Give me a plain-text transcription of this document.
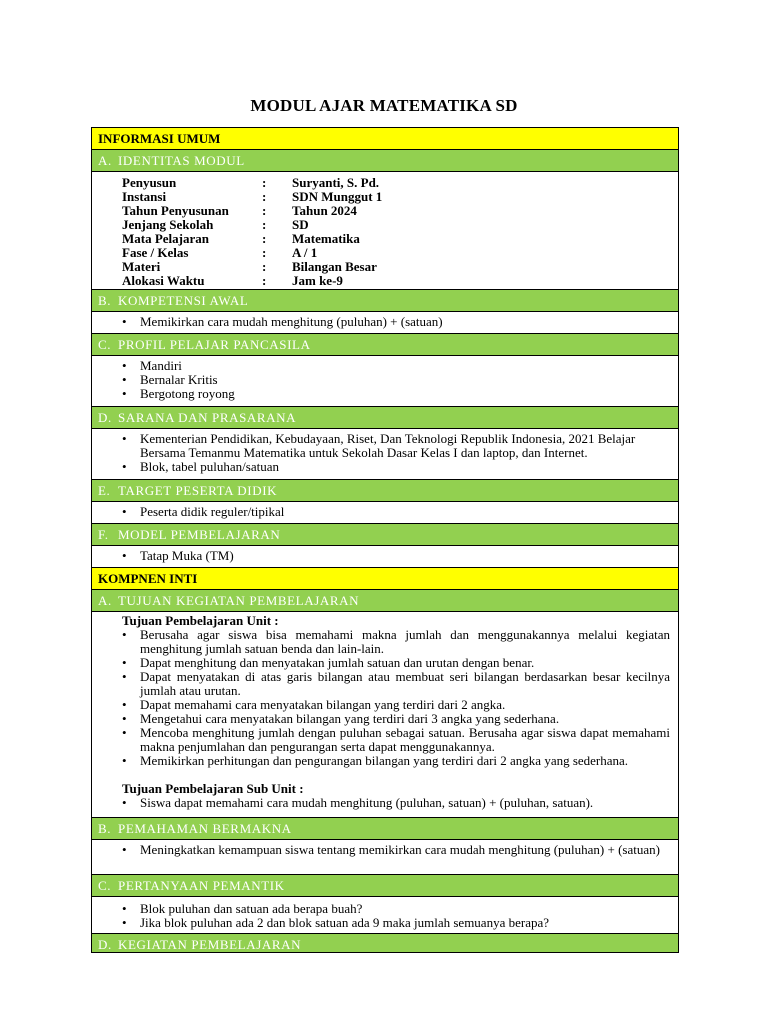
MODUL AJAR MATEMATIKA SD
INFORMASI UMUM
A. IDENTITAS MODUL
Penyusun	:	Suryanti, S. Pd.
Instansi	:	SDN Munggut 1
Tahun Penyusunan	:	Tahun 2024
Jenjang Sekolah	:	SD
Mata Pelajaran	:	Matematika
Fase / Kelas	:	A / 1
Materi	:	Bilangan Besar
Alokasi Waktu	:	Jam ke-9
B. KOMPETENSI AWAL
• Memikirkan cara mudah menghitung (puluhan) + (satuan)
C. PROFIL PELAJAR PANCASILA
• Mandiri
• Bernalar Kritis
• Bergotong royong
D. SARANA DAN PRASARANA
• Kementerian Pendidikan, Kebudayaan, Riset, Dan Teknologi Republik Indonesia, 2021 Belajar Bersama Temanmu Matematika untuk Sekolah Dasar Kelas I dan laptop, dan Internet.
• Blok, tabel puluhan/satuan
E. TARGET PESERTA DIDIK
• Peserta didik reguler/tipikal
F. MODEL PEMBELAJARAN
• Tatap Muka (TM)
KOMPNEN INTI
A. TUJUAN KEGIATAN PEMBELAJARAN
Tujuan Pembelajaran Unit :
• Berusaha agar siswa bisa memahami makna jumlah dan menggunakannya melalui kegiatan menghitung jumlah satuan benda dan lain-lain.
• Dapat menghitung dan menyatakan jumlah satuan dan urutan dengan benar.
• Dapat menyatakan di atas garis bilangan atau membuat seri bilangan berdasarkan besar kecilnya jumlah atau urutan.
• Dapat memahami cara menyatakan bilangan yang terdiri dari 2 angka.
• Mengetahui cara menyatakan bilangan yang terdiri dari 3 angka yang sederhana.
• Mencoba menghitung jumlah dengan puluhan sebagai satuan. Berusaha agar siswa dapat memahami makna penjumlahan dan pengurangan serta dapat menggunakannya.
• Memikirkan perhitungan dan pengurangan bilangan yang terdiri dari 2 angka yang sederhana.
Tujuan Pembelajaran Sub Unit :
• Siswa dapat memahami cara mudah menghitung (puluhan, satuan) + (puluhan, satuan).
B. PEMAHAMAN BERMAKNA
• Meningkatkan kemampuan siswa tentang memikirkan cara mudah menghitung (puluhan) + (satuan)
C. PERTANYAAN PEMANTIK
• Blok puluhan dan satuan ada berapa buah?
• Jika blok puluhan ada 2 dan blok satuan ada 9 maka jumlah semuanya berapa?
D. KEGIATAN PEMBELAJARAN
